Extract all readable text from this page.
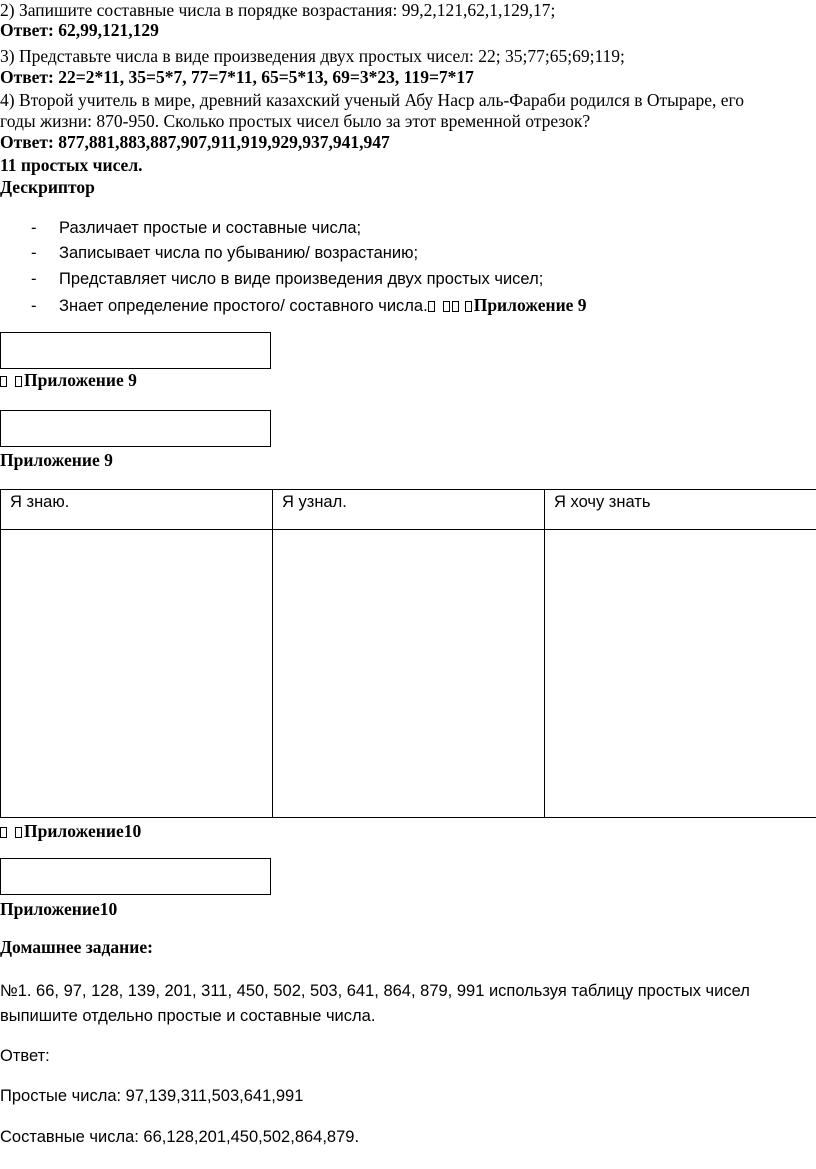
2) Запишите составные числа в порядке возрастания: 99,2,121,62,1,129,17;
Ответ: 62,99,121,129
3) Представьте числа в виде произведения двух простых чисел: 22; 35;77;65;69;119;
Ответ: 22=2*11, 35=5*7, 77=7*11, 65=5*13, 69=3*23, 119=7*17
4) Второй учитель в мире, древний казахский ученый Абу Наср аль-Фараби родился в Отыраре, его
годы жизни: 870-950. Сколько простых чисел было за этот временной отрезок?
Ответ: 877,881,883,887,907,911,919,929,937,941,947
11 простых чисел.
Дескриптор
- Различает простые и составные числа;
- Записывает числа по убыванию/ возрастанию;
- Представляет число в виде произведения двух простых чисел;
- Знает определение простого/ составного числа.	Приложение 9
Приложение 9
Приложение 9
Я знаю.	Я узнал.	Я хочу знать

Приложение10
Приложение10
Домашнее задание:
№1. 66, 97, 128, 139, 201, 311, 450, 502, 503, 641, 864, 879, 991 используя таблицу простых чисел
выпишите отдельно простые и составные числа.
Ответ:
Простые числа: 97,139,311,503,641,991
Составные числа: 66,128,201,450,502,864,879.
